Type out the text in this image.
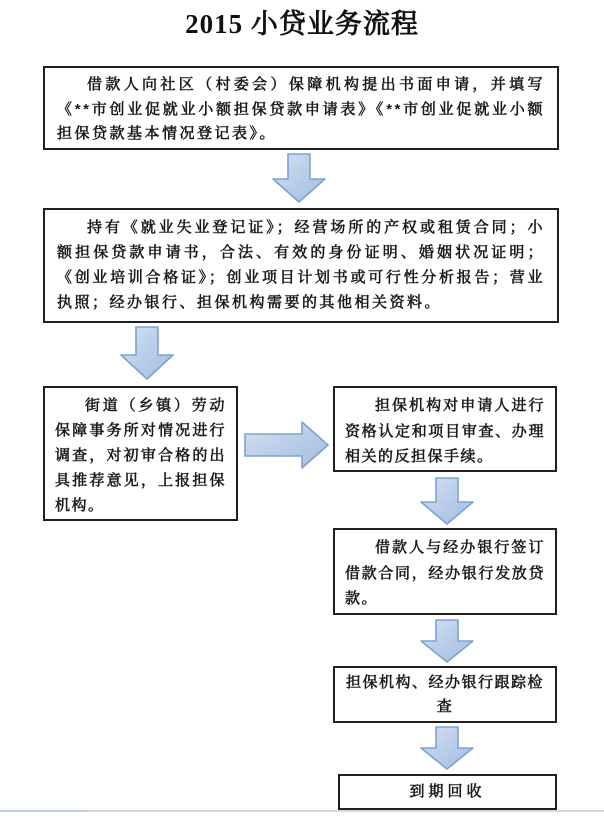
2015 小贷业务流程

借款人向社区（村委会）保障机构提出书面申请，并填写《**市创业促就业小额担保贷款申请表》《**市创业促就业小额担保贷款基本情况登记表》。

持有《就业失业登记证》；经营场所的产权或租赁合同；小额担保贷款申请书，合法、有效的身份证明、婚姻状况证明；《创业培训合格证》；创业项目计划书或可行性分析报告；营业执照；经办银行、担保机构需要的其他相关资料。

街道（乡镇）劳动保障事务所对情况进行调查，对初审合格的出具推荐意见，上报担保机构。

担保机构对申请人进行资格认定和项目审查、办理相关的反担保手续。

借款人与经办银行签订借款合同，经办银行发放贷款。

担保机构、经办银行跟踪检查

到期回收
